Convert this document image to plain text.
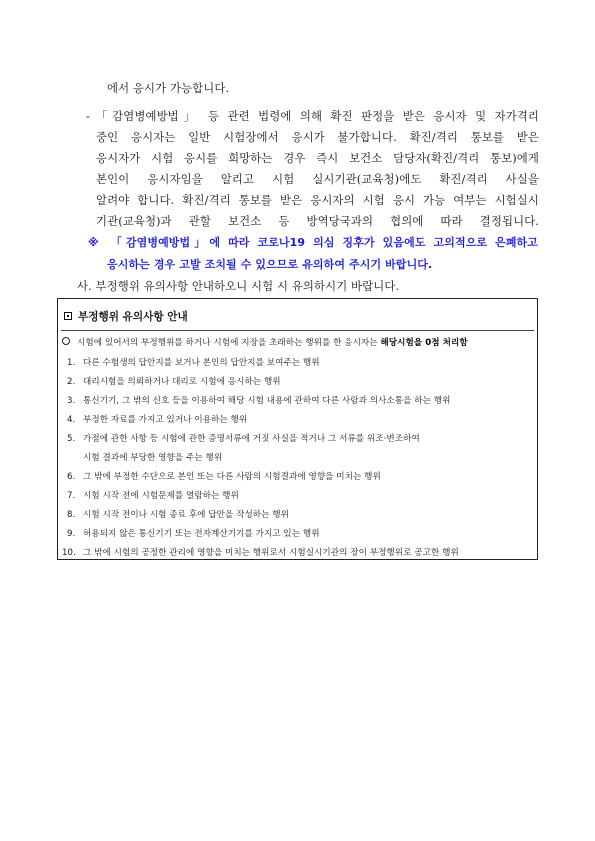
에서 응시가 가능합니다.
- 「감염병예방법」 등 관련 법령에 의해 확진 판정을 받은 응시자 및 자가격리
중인 응시자는 일반 시험장에서 응시가 불가합니다. 확진/격리 통보를 받은
응시자가 시험 응시를 희망하는 경우 즉시 보건소 담당자(확진/격리 통보)에게
본인이 응시자임을 알리고 시험 실시기관(교육청)에도 확진/격리 사실을
알려야 합니다. 확진/격리 통보를 받은 응시자의 시험 응시 가능 여부는 시험실시
기관(교육청)과 관할 보건소 등 방역당국과의 협의에 따라 결정됩니다.
※ 「감염병예방법」에 따라 코로나19 의심 징후가 있음에도 고의적으로 은폐하고
응시하는 경우 고발 조치될 수 있으므로 유의하여 주시기 바랍니다.
사. 부정행위 유의사항 안내하오니 시험 시 유의하시기 바랍니다.
부정행위 유의사항 안내
시험에 있어서의 부정행위를 하거나 시험에 지장을 초래하는 행위를 한 응시자는 해당시험을 0점 처리함
1. 다른 수험생의 답안지를 보거나 본인의 답안지를 보여주는 행위
2. 대리시험을 의뢰하거나 대리로 시험에 응시하는 행위
3. 통신기기, 그 밖의 신호 등을 이용하여 해당 시험 내용에 관하여 다른 사람과 의사소통을 하는 행위
4. 부정한 자료를 가지고 있거나 이용하는 행위
5. 가점에 관한 사항 등 시험에 관한 증명서류에 거짓 사실을 적거나 그 서류를 위조·변조하여
시험 결과에 부당한 영향을 주는 행위
6. 그 밖에 부정한 수단으로 본인 또는 다른 사람의 시험결과에 영향을 미치는 행위
7. 시험 시작 전에 시험문제를 열람하는 행위
8. 시험 시작 전이나 시험 종료 후에 답안을 작성하는 행위
9. 허용되지 않은 통신기기 또는 전자계산기기를 가지고 있는 행위
10. 그 밖에 시험의 공정한 관리에 영향을 미치는 행위로서 시험실시기관의 장이 부정행위로 공고한 행위
